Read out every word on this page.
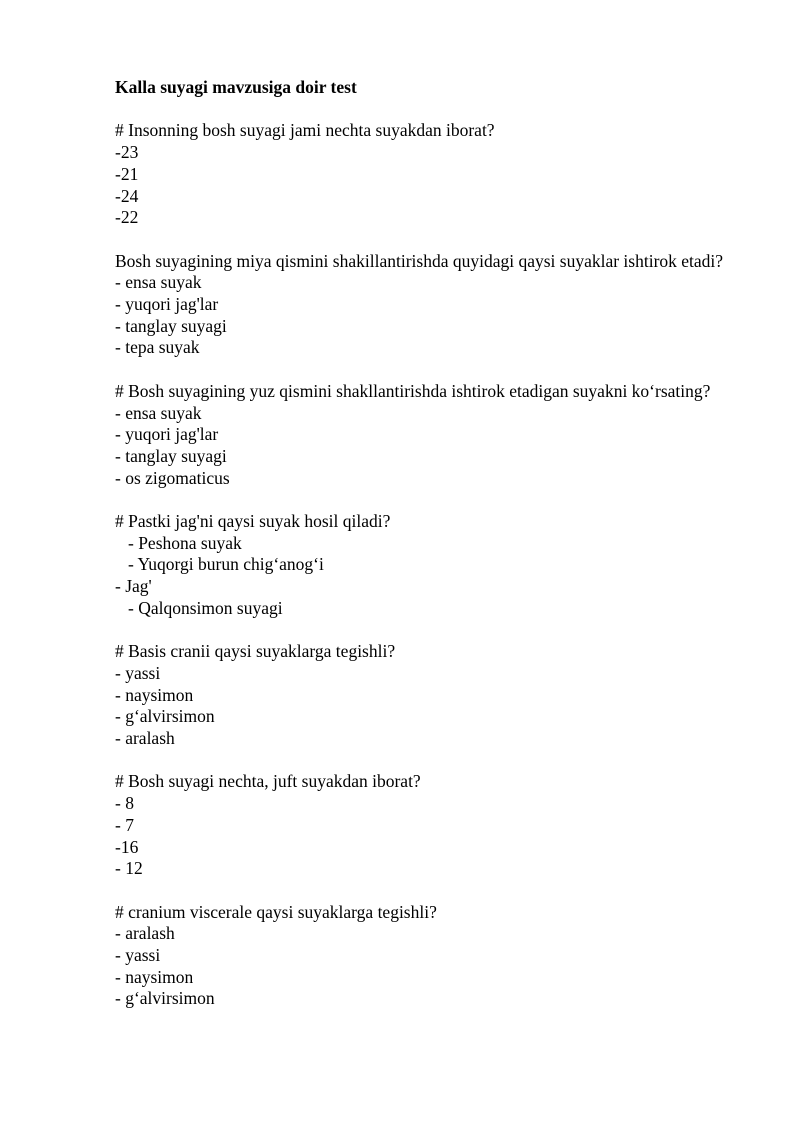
Kalla suyagi mavzusiga doir test

# Insonning bosh suyagi jami nechta suyakdan iborat?

-23

-21

-24

-22

Bosh suyagining miya qismini shakillantirishda quyidagi qaysi suyaklar ishtirok etadi?

- ensa suyak

- yuqori jag'lar

- tanglay suyagi

- tepa suyak

# Bosh suyagining yuz qismini shakllantirishda ishtirok etadigan suyakni ko‘rsating?

- ensa suyak

- yuqori jag'lar

- tanglay suyagi

- os zigomaticus

# Pastki jag'ni qaysi suyak hosil qiladi?

- Peshona suyak

- Yuqorgi burun chig‘anog‘i

- Jag'

- Qalqonsimon suyagi

# Basis cranii qaysi suyaklarga tegishli?

- yassi

- naysimon

- g‘alvirsimon

- aralash

# Bosh suyagi nechta, juft suyakdan iborat?

- 8

- 7

-16

- 12

# cranium viscerale qaysi suyaklarga tegishli?

- aralash

- yassi

- naysimon

- g‘alvirsimon
